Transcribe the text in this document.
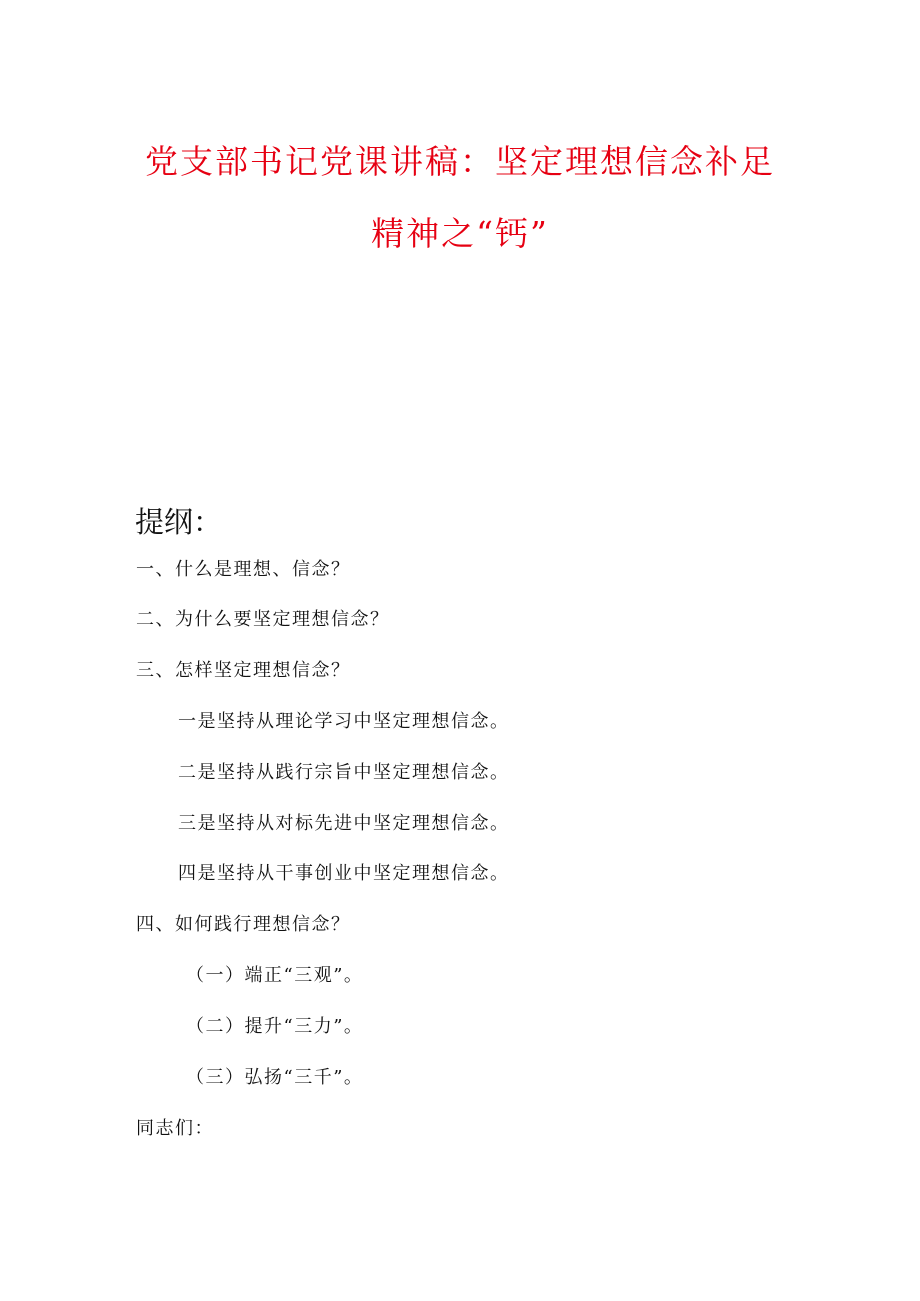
党支部书记党课讲稿：坚定理想信念补足
精神之“钙”
提纲：
一、什么是理想、信念？
二、为什么要坚定理想信念？
三、怎样坚定理想信念？
一是坚持从理论学习中坚定理想信念。
二是坚持从践行宗旨中坚定理想信念。
三是坚持从对标先进中坚定理想信念。
四是坚持从干事创业中坚定理想信念。
四、如何践行理想信念？
（一）端正“三观”。
（二）提升“三力”。
（三）弘扬“三千”。
同志们：
